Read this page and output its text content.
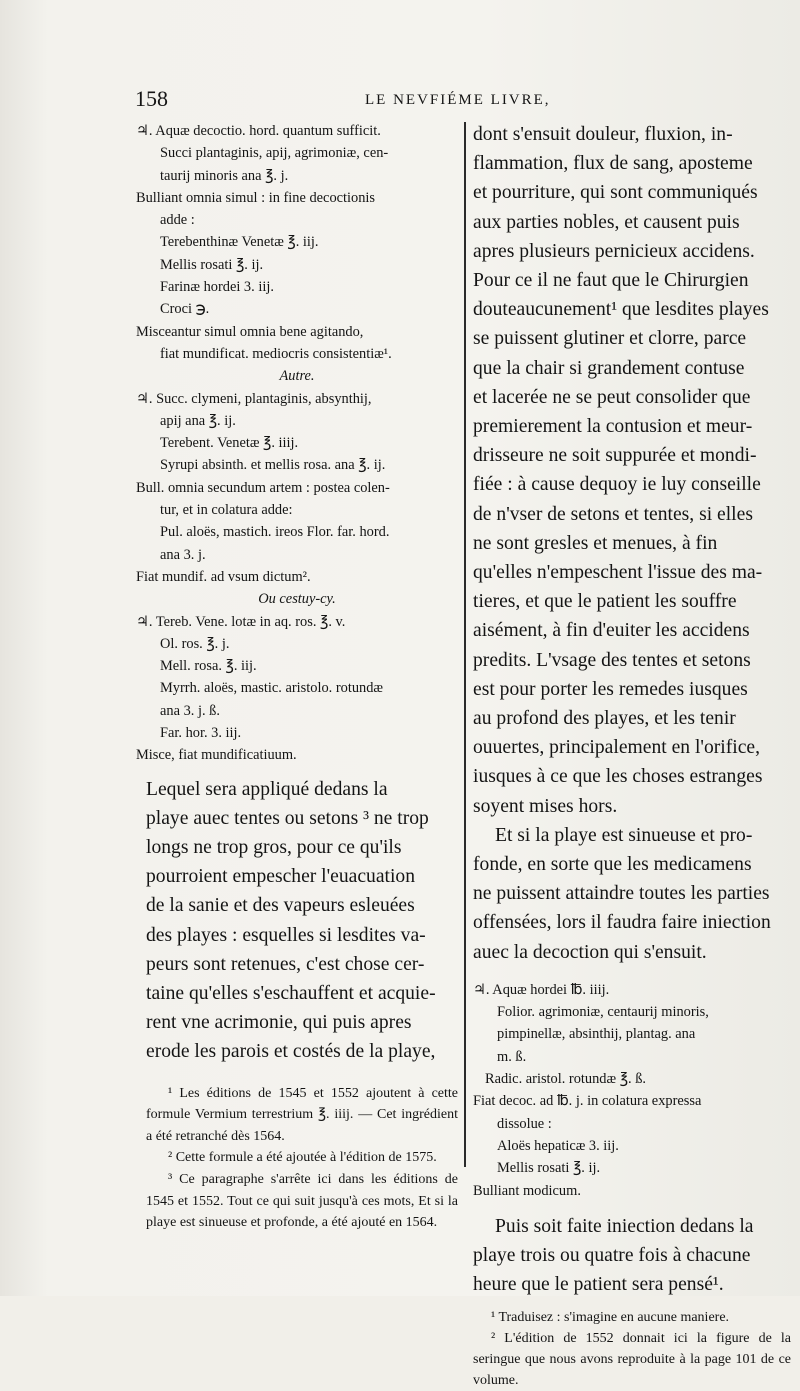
158	LE NEVFIÉME LIVRE,

♃. Aquæ decoctio. hord. quantum sufficit.

Succi plantaginis, apij, agrimoniæ, cen-

taurij minoris ana ℥. j.

Bulliant omnia simul : in fine decoctionis

adde :

Terebenthinæ Venetæ ℥. iij.

Mellis rosati ℥. ij.

Farinæ hordei 3. iij.

Croci ℈.

Misceantur simul omnia bene agitando,

fiat mundificat. mediocris consistentiæ¹.

Autre.

♃. Succ. clymeni, plantaginis, absynthij,

apij ana ℥. ij.

Terebent. Venetæ ℥. iiij.

Syrupi absinth. et mellis rosa. ana ℥. ij.

Bull. omnia secundum artem : postea colen-

tur, et in colatura adde:

Pul. aloës, mastich. ireos Flor. far. hord.

ana 3. j.

Fiat mundif. ad vsum dictum².

Ou cestuy-cy.

♃. Tereb. Vene. lotæ in aq. ros. ℥. v.

Ol. ros. ℥. j.

Mell. rosa. ℥. iij.

Myrrh. aloës, mastic. aristolo. rotundæ

ana 3. j. ß.

Far. hor. 3. iij.

Misce, fiat mundificatiuum.

Lequel sera appliqué dedans la

playe auec tentes ou setons ³ ne trop

longs ne trop gros, pour ce qu'ils

pourroient empescher l'euacuation

de la sanie et des vapeurs esleuées

des playes : esquelles si lesdites va-

peurs sont retenues, c'est chose cer-

taine qu'elles s'eschauffent et acquie-

rent vne acrimonie, qui puis apres

erode les parois et costés de la playe,

¹ Les éditions de 1545 et 1552 ajoutent à cette formule Vermium terrestrium ℥. iiij. — Cet ingrédient a été retranché dès 1564.

² Cette formule a été ajoutée à l'édition de 1575.

³ Ce paragraphe s'arrête ici dans les éditions de 1545 et 1552. Tout ce qui suit jusqu'à ces mots, Et si la playe est sinueuse et profonde, a été ajouté en 1564.

dont s'ensuit douleur, fluxion, in-

flammation, flux de sang, aposteme

et pourriture, qui sont communiqués

aux parties nobles, et causent puis

apres plusieurs pernicieux accidens.

Pour ce il ne faut que le Chirurgien

douteaucunement¹ que lesdites playes

se puissent glutiner et clorre, parce

que la chair si grandement contuse

et lacerée ne se peut consolider que

premierement la contusion et meur-

drisseure ne soit suppurée et mondi-

fiée : à cause dequoy ie luy conseille

de n'vser de setons et tentes, si elles

ne sont gresles et menues, à fin

qu'elles n'empeschent l'issue des ma-

tieres, et que le patient les souffre

aisément, à fin d'euiter les accidens

predits. L'vsage des tentes et setons

est pour porter les remedes iusques

au profond des playes, et les tenir

ouuertes, principalement en l'orifice,

iusques à ce que les choses estranges

soyent mises hors.

Et si la playe est sinueuse et pro-

fonde, en sorte que les medicamens

ne puissent attaindre toutes les parties

offensées, lors il faudra faire iniection

auec la decoction qui s'ensuit.

♃. Aquæ hordei ℔. iiij.

Folior. agrimoniæ, centaurij minoris,

pimpinellæ, absinthij, plantag. ana

m. ß.

Radic. aristol. rotundæ ℥. ß.

Fiat decoc. ad ℔. j. in colatura expressa

dissolue :

Aloës hepaticæ 3. iij.

Mellis rosati ℥. ij.

Bulliant modicum.

Puis soit faite iniection dedans la

playe trois ou quatre fois à chacune

heure que le patient sera pensé¹.

¹ Traduisez : s'imagine en aucune maniere.

² L'édition de 1552 donnait ici la figure de la seringue que nous avons reproduite à la page 101 de ce volume.
